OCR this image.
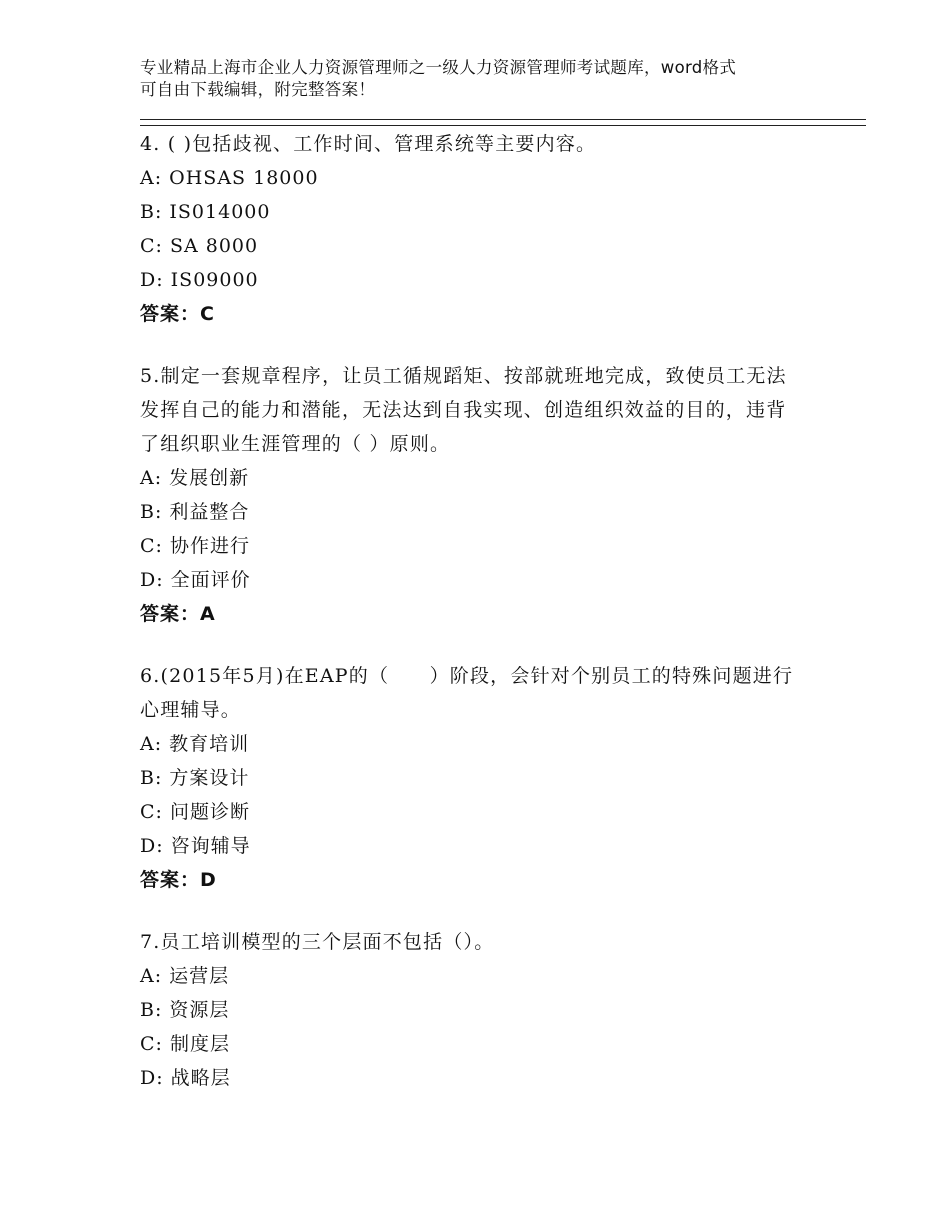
专业精品上海市企业人力资源管理师之一级人力资源管理师考试题库，word格式
可自由下载编辑，附完整答案！
4. ( )包括歧视、工作时间、管理系统等主要内容。
A: OHSAS 18000
B: IS014000
C: SA 8000
D: IS09000
答案：C
5.制定一套规章程序，让员工循规蹈矩、按部就班地完成，致使员工无法发挥自己的能力和潜能，无法达到自我实现、创造组织效益的目的，违背了组织职业生涯管理的（ ）原则。
A: 发展创新
B: 利益整合
C: 协作进行
D: 全面评价
答案：A
6.(2015年5月)在EAP的（　　）阶段，会针对个别员工的特殊问题进行心理辅导。
A: 教育培训
B: 方案设计
C: 问题诊断
D: 咨询辅导
答案：D
7.员工培训模型的三个层面不包括（）。
A: 运营层
B: 资源层
C: 制度层
D: 战略层
